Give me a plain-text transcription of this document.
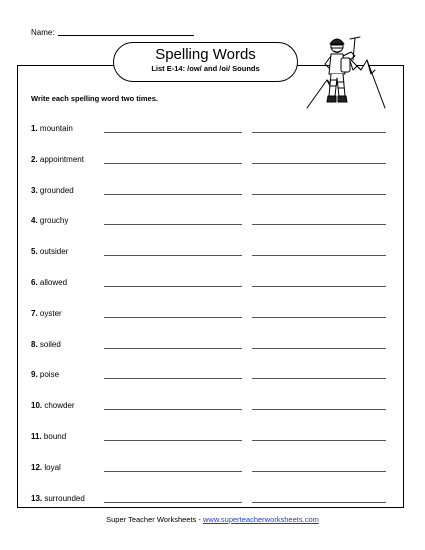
Name:
Spelling Words
List E-14: /ow/ and /oi/ Sounds
Write each spelling word two times.
1. mountain
2. appointment
3. grounded
4. grouchy
5. outsider
6. allowed
7. oyster
8. soiled
9. poise
10. chowder
11. bound
12. loyal
13. surrounded
Super Teacher Worksheets - www.superteacherworksheets.com
